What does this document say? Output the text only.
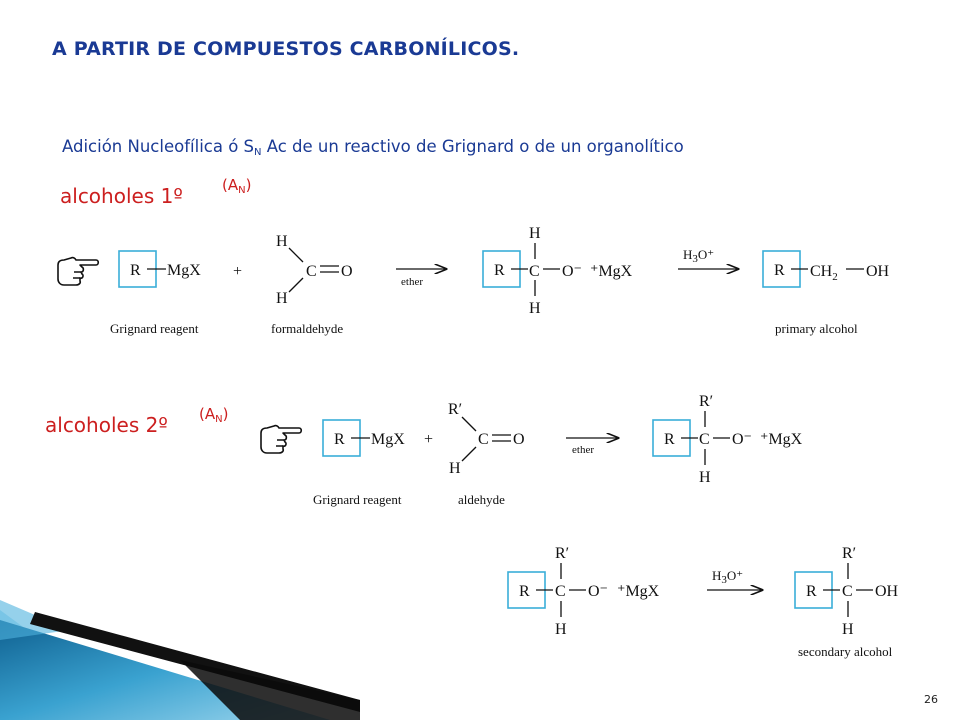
A PARTIR DE COMPUESTOS CARBONÍLICOS.
Adición Nucleofílica ó $S_N$ Ac de un reactivo de Grignard o de un organolítico
alcoholes 1º	$(A_N)$
alcoholes 2º $(A_N)$
R MgX +
H
C O
H
ether
R C
H
H
O⁻ ⁺MgX
$H_3O^+$
R $CH_2$ OH
Grignard reagent	formaldehyde	primary alcohol
R MgX +
R′
C O
H
ether
R C
R′
H
O⁻ ⁺MgX
Grignard reagent	aldehyde
R C
R′
H
O⁻ ⁺MgX
$H_3O^+$
R C
R′
H
OH
secondary alcohol
26
